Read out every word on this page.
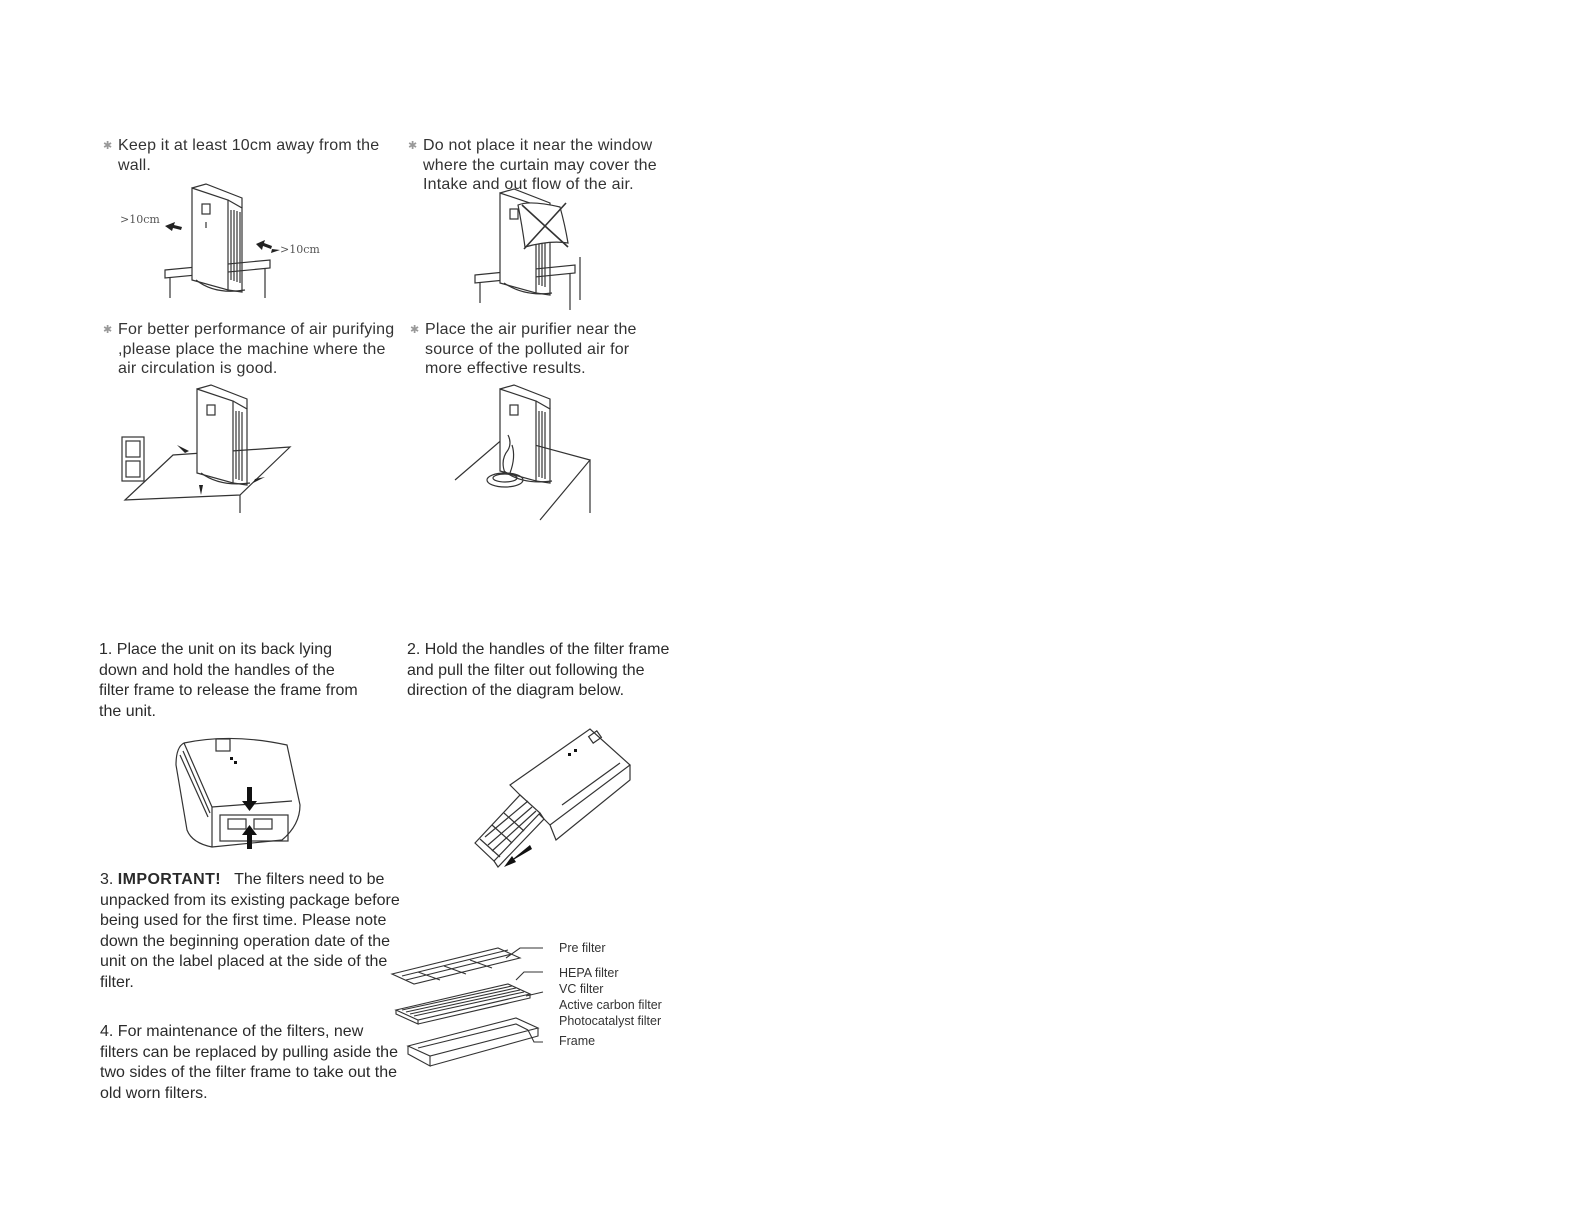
✱ Keep it at least 10cm away from the wall.
✱ Do not place it near the window where the curtain may cover the Intake and out flow of the air.
✱ For better performance of air purifying ,please place the machine where the air circulation is good.
✱ Place the air purifier near the source of the polluted air for more effective results.
>10cm
>10cm
1. Place the unit on its back lying down and hold the handles of the filter frame to release the frame from the unit.
2. Hold the handles of the filter frame and pull the filter out following the direction of the diagram below.
3. IMPORTANT! The filters need to be unpacked from its existing package before being used for the first time. Please note down the beginning operation date of the unit on the label placed at the side of the filter.
4. For maintenance of the filters, new filters can be replaced by pulling aside the two sides of the filter frame to take out the old worn filters.
Pre filter
HEPA filter
VC filter
Active carbon filter
Photocatalyst filter
Frame
